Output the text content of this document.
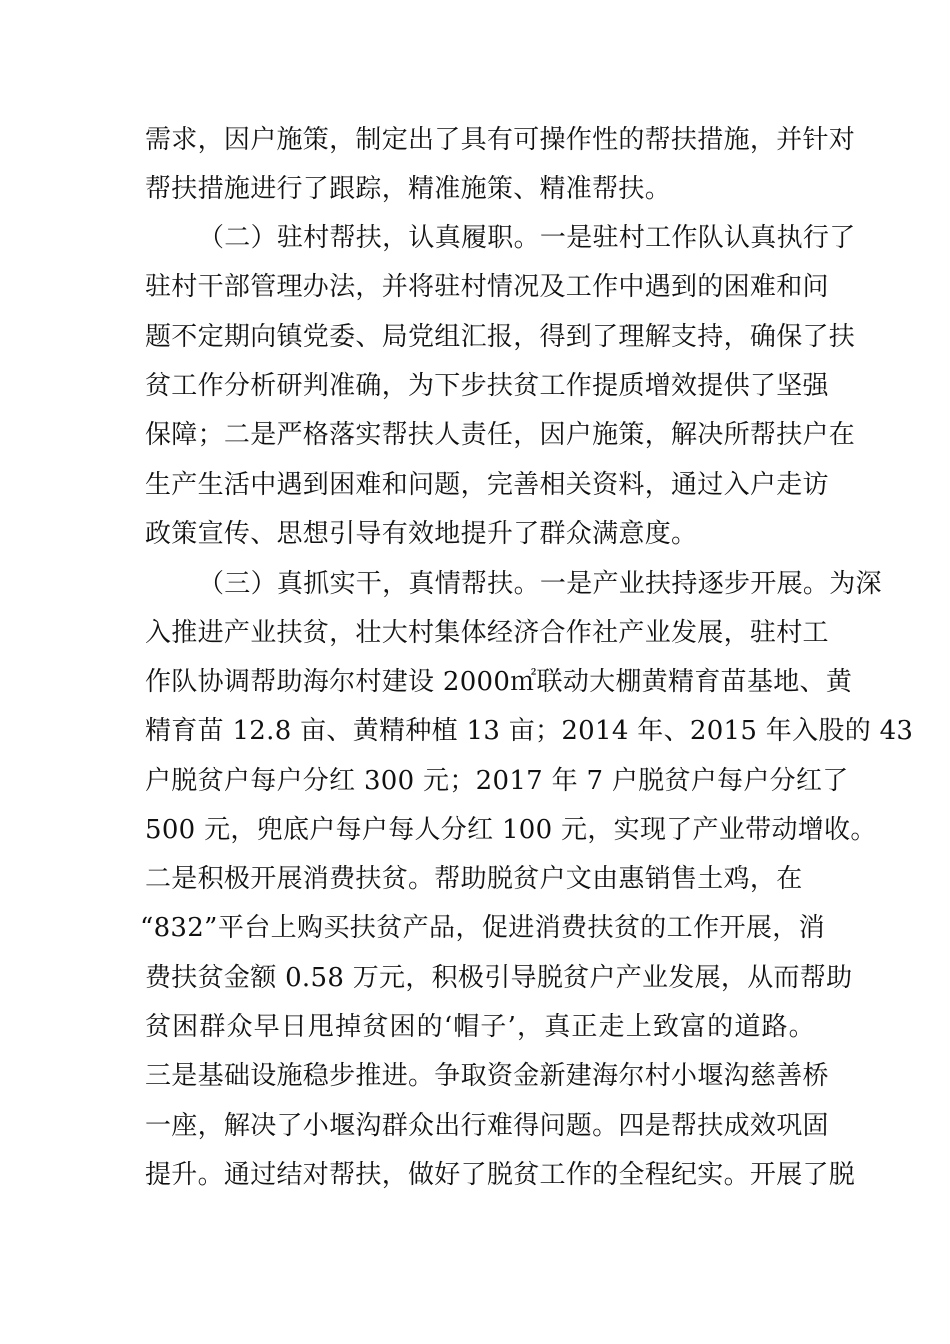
需求，因户施策，制定出了具有可操作性的帮扶措施，并针对
帮扶措施进行了跟踪，精准施策、精准帮扶。
（二）驻村帮扶，认真履职。一是驻村工作队认真执行了
驻村干部管理办法，并将驻村情况及工作中遇到的困难和问
题不定期向镇党委、局党组汇报，得到了理解支持，确保了扶
贫工作分析研判准确，为下步扶贫工作提质增效提供了坚强
保障；二是严格落实帮扶人责任，因户施策，解决所帮扶户在
生产生活中遇到困难和问题，完善相关资料，通过入户走访
政策宣传、思想引导有效地提升了群众满意度。
（三）真抓实干，真情帮扶。一是产业扶持逐步开展。为深
入推进产业扶贫，壮大村集体经济合作社产业发展，驻村工
作队协调帮助海尔村建设 2000㎡联动大棚黄精育苗基地、黄
精育苗 12.8 亩、黄精种植 13 亩；2014 年、2015 年入股的 43
户脱贫户每户分红 300 元；2017 年 7 户脱贫户每户分红了
500 元，兜底户每户每人分红 100 元，实现了产业带动增收。
二是积极开展消费扶贫。帮助脱贫户文由惠销售土鸡，在
“832”平台上购买扶贫产品，促进消费扶贫的工作开展，消
费扶贫金额 0.58 万元，积极引导脱贫户产业发展，从而帮助
贫困群众早日甩掉贫困的‘帽子’，真正走上致富的道路。
三是基础设施稳步推进。争取资金新建海尔村小堰沟慈善桥
一座，解决了小堰沟群众出行难得问题。四是帮扶成效巩固
提升。通过结对帮扶，做好了脱贫工作的全程纪实。开展了脱
